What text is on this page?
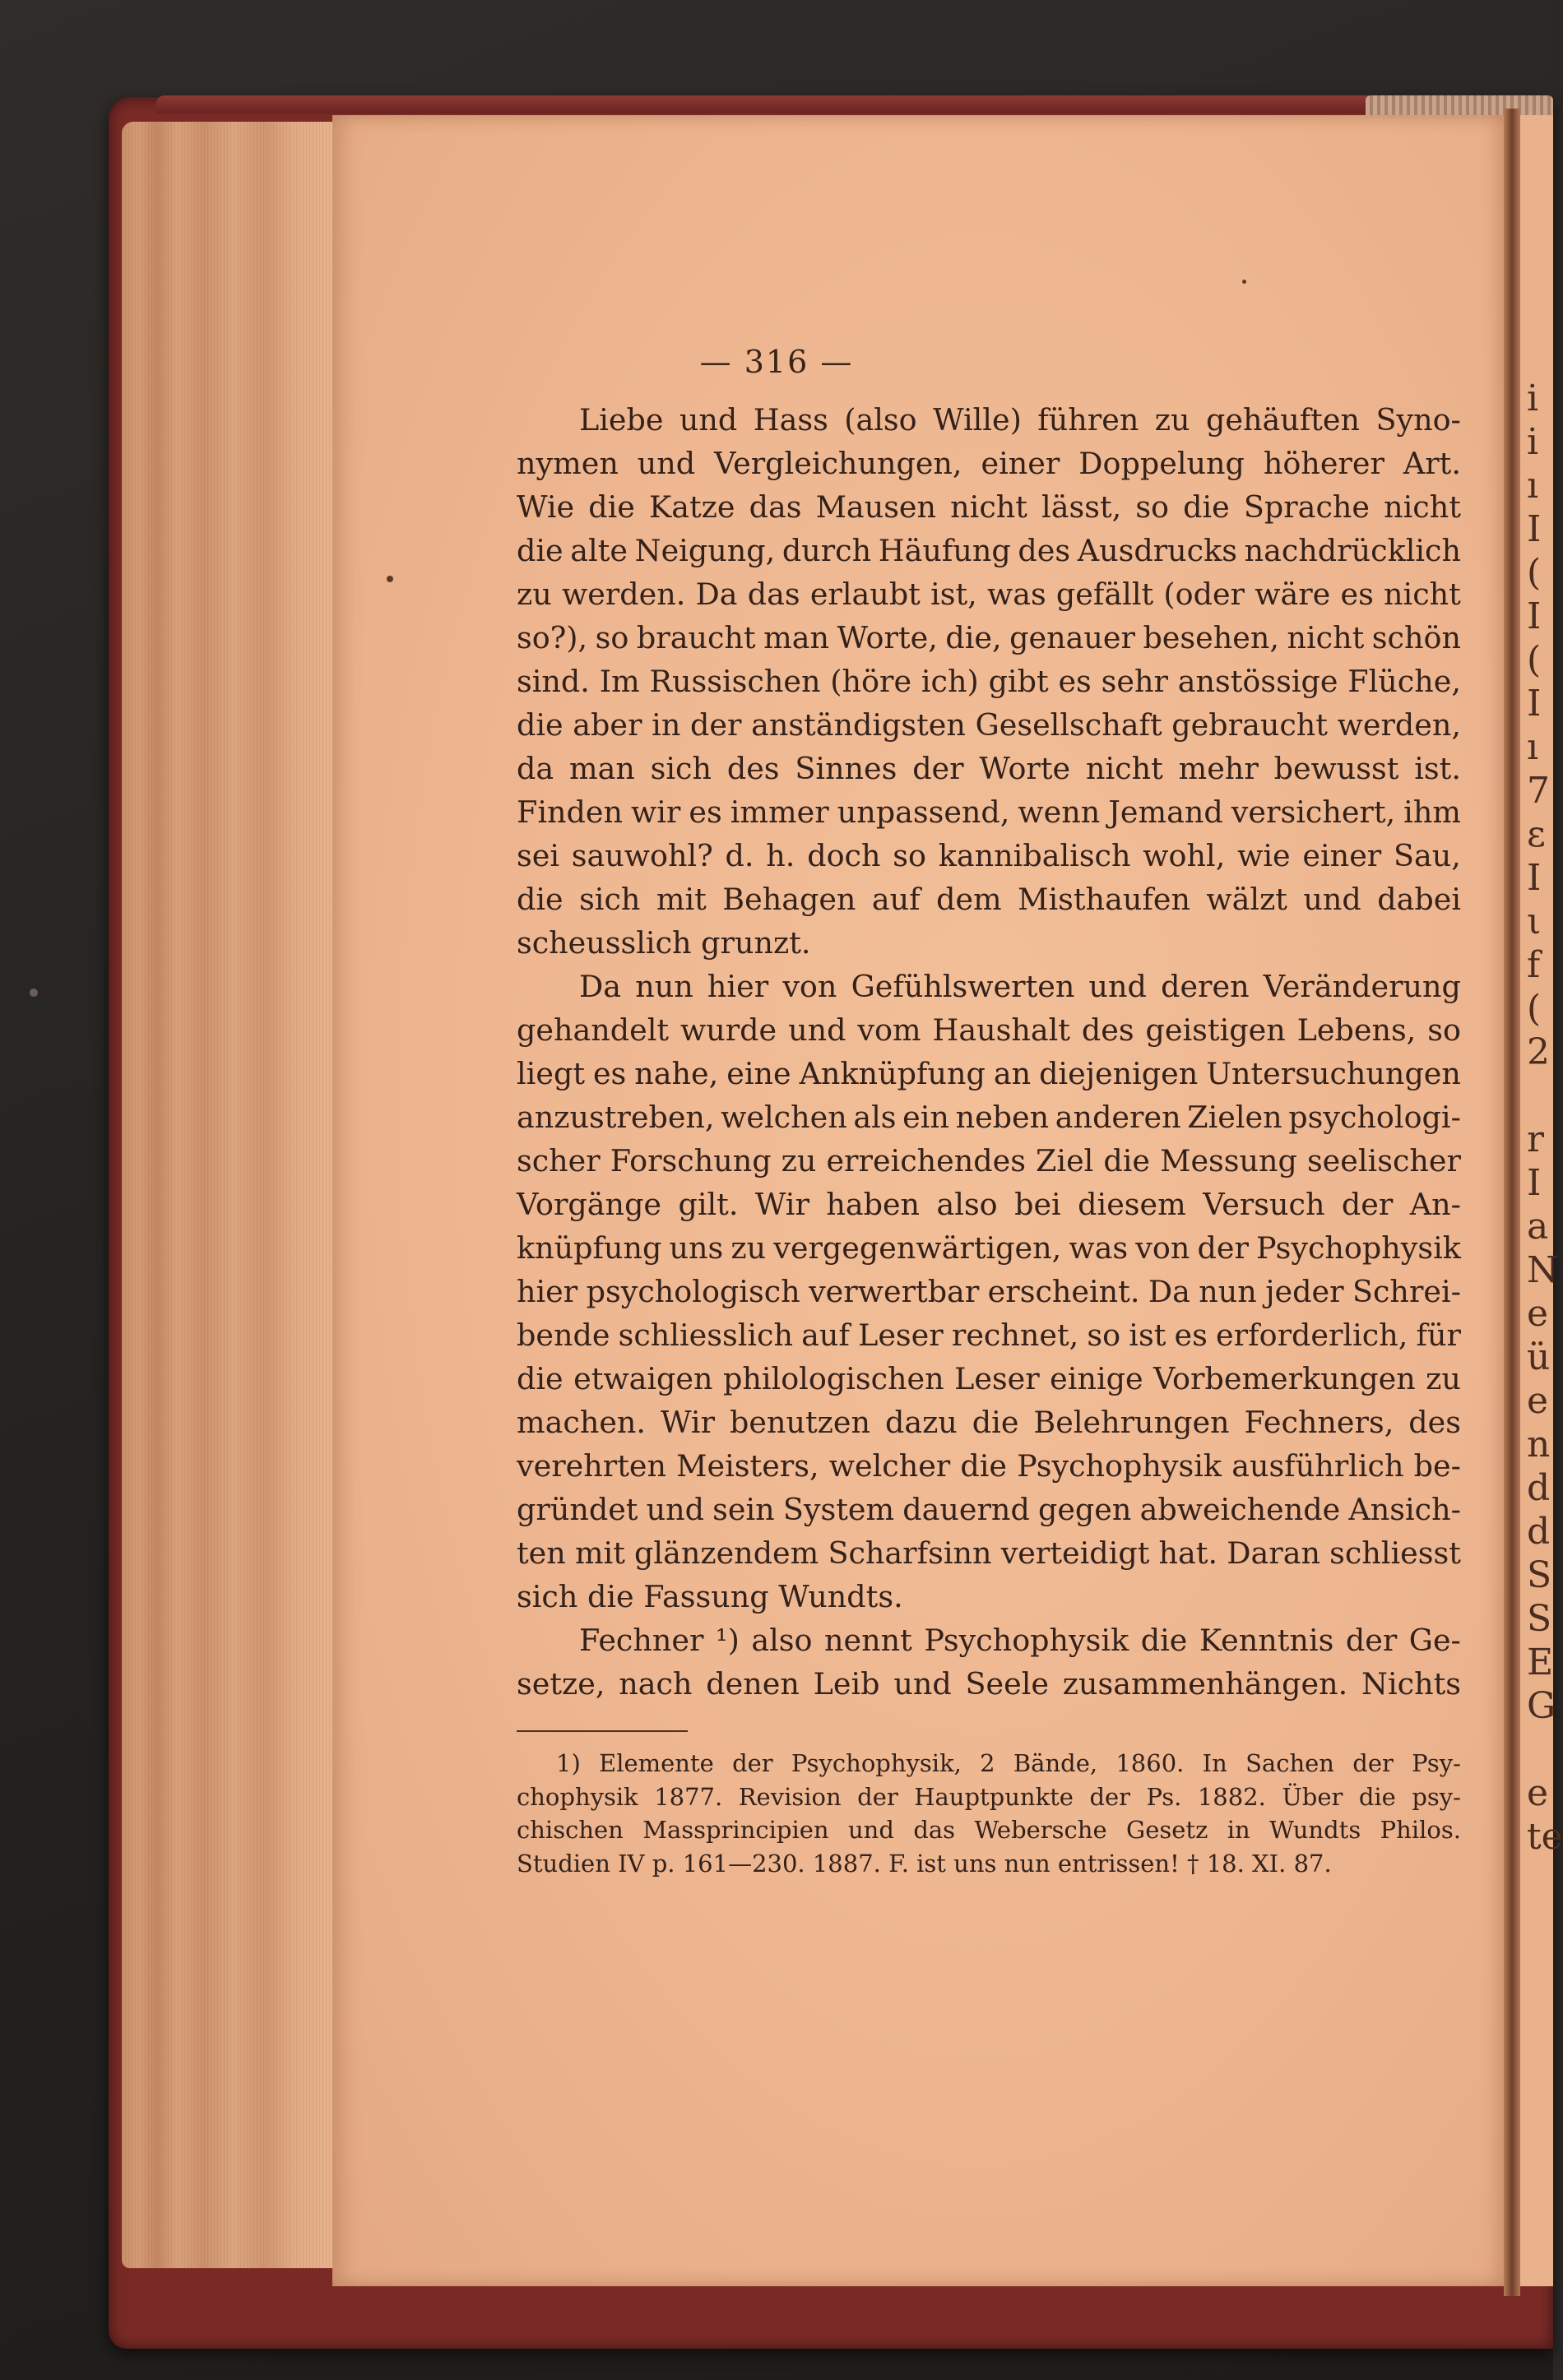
i
i
ı
I
(
I
(
I
ı
7
ε
I
ι
f
(
2

r
I
a
N
e
ü
e
n
d
d
S
S
E
G

e
te
— 316 —
Liebe und Hass (also Wille) führen zu gehäuften Syno-
nymen und Vergleichungen, einer Doppelung höherer Art.
Wie die Katze das Mausen nicht lässt, so die Sprache nicht
die alte Neigung, durch Häufung des Ausdrucks nachdrücklich
zu werden. Da das erlaubt ist, was gefällt (oder wäre es nicht
so?), so braucht man Worte, die, genauer besehen, nicht schön
sind. Im Russischen (höre ich) gibt es sehr anstössige Flüche,
die aber in der anständigsten Gesellschaft gebraucht werden,
da man sich des Sinnes der Worte nicht mehr bewusst ist.
Finden wir es immer unpassend, wenn Jemand versichert, ihm
sei sauwohl? d. h. doch so kannibalisch wohl, wie einer Sau,
die sich mit Behagen auf dem Misthaufen wälzt und dabei
scheusslich grunzt.
Da nun hier von Gefühlswerten und deren Veränderung
gehandelt wurde und vom Haushalt des geistigen Lebens, so
liegt es nahe, eine Anknüpfung an diejenigen Untersuchungen
anzustreben, welchen als ein neben anderen Zielen psychologi-
scher Forschung zu erreichendes Ziel die Messung seelischer
Vorgänge gilt. Wir haben also bei diesem Versuch der An-
knüpfung uns zu vergegenwärtigen, was von der Psychophysik
hier psychologisch verwertbar erscheint. Da nun jeder Schrei-
bende schliesslich auf Leser rechnet, so ist es erforderlich, für
die etwaigen philologischen Leser einige Vorbemerkungen zu
machen. Wir benutzen dazu die Belehrungen Fechners, des
verehrten Meisters, welcher die Psychophysik ausführlich be-
gründet und sein System dauernd gegen abweichende Ansich-
ten mit glänzendem Scharfsinn verteidigt hat. Daran schliesst
sich die Fassung Wundts.
Fechner ¹) also nennt Psychophysik die Kenntnis der Ge-
setze, nach denen Leib und Seele zusammenhängen. Nichts
1) Elemente der Psychophysik, 2 Bände, 1860. In Sachen der Psy-
chophysik 1877. Revision der Hauptpunkte der Ps. 1882. Über die psy-
chischen Massprincipien und das Webersche Gesetz in Wundts Philos.
Studien IV p. 161—230. 1887. F. ist uns nun entrissen! † 18. XI. 87.
